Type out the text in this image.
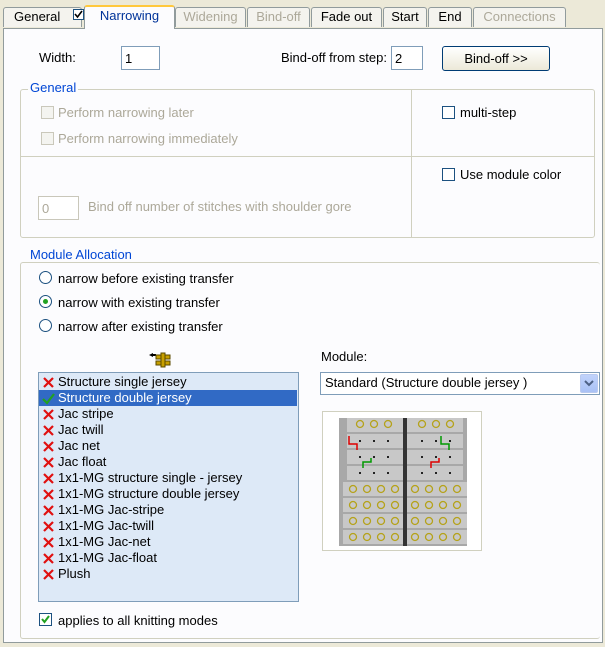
General	Narrowing	Widening	Bind-off	Fade out	Start	End	Connections
Width:
1	Bind-off from step:
2	Bind-off >>
General
Perform narrowing later
Perform narrowing immediately
multi-step
Use module color
0
Bind off number of stitches with shoulder gore
Module Allocation
narrow before existing transfer
narrow with existing transfer
narrow after existing transfer
Structure single jersey
Structure double jersey
Jac stripe
Jac twill
Jac net
Jac float
1x1-MG structure single - jersey
1x1-MG structure double jersey
1x1-MG Jac-stripe
1x1-MG Jac-twill
1x1-MG Jac-net
1x1-MG Jac-float
Plush
Module:
Standard (Structure double jersey )
applies to all knitting modes
